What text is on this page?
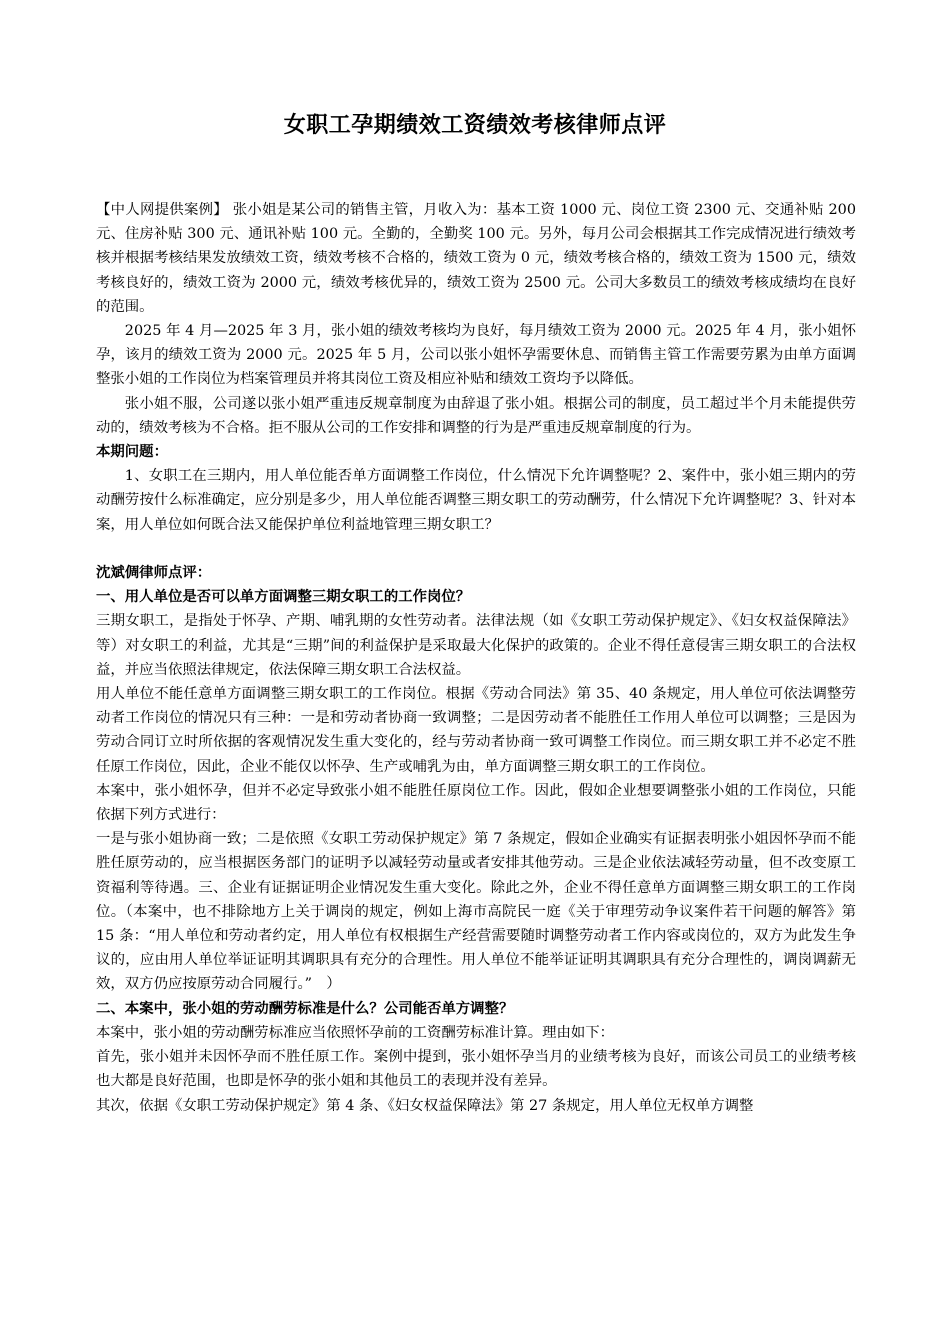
女职工孕期绩效工资绩效考核律师点评

【中人网提供案例】 张小姐是某公司的销售主管，月收入为：基本工资 1000 元、岗位工资 2300 元、交通补贴 200 元、住房补贴 300 元、通讯补贴 100 元。全勤的，全勤奖 100 元。另外，每月公司会根据其工作完成情况进行绩效考核并根据考核结果发放绩效工资，绩效考核不合格的，绩效工资为 0 元，绩效考核合格的，绩效工资为 1500 元，绩效考核良好的，绩效工资为 2000 元，绩效考核优异的，绩效工资为 2500 元。公司大多数员工的绩效考核成绩均在良好的范围。

2025 年 4 月—2025 年 3 月，张小姐的绩效考核均为良好，每月绩效工资为 2000 元。2025 年 4 月，张小姐怀孕，该月的绩效工资为 2000 元。2025 年 5 月，公司以张小姐怀孕需要休息、而销售主管工作需要劳累为由单方面调整张小姐的工作岗位为档案管理员并将其岗位工资及相应补贴和绩效工资均予以降低。

张小姐不服，公司遂以张小姐严重违反规章制度为由辞退了张小姐。根据公司的制度，员工超过半个月未能提供劳动的，绩效考核为不合格。拒不服从公司的工作安排和调整的行为是严重违反规章制度的行为。

本期问题：

1、女职工在三期内，用人单位能否单方面调整工作岗位，什么情况下允许调整呢？2、案件中，张小姐三期内的劳动酬劳按什么标准确定，应分别是多少，用人单位能否调整三期女职工的劳动酬劳，什么情况下允许调整呢？3、针对本案，用人单位如何既合法又能保护单位利益地管理三期女职工？

沈斌倜律师点评：

一、用人单位是否可以单方面调整三期女职工的工作岗位？

三期女职工，是指处于怀孕、产期、哺乳期的女性劳动者。法律法规（如《女职工劳动保护规定》、《妇女权益保障法》等）对女职工的利益，尤其是“三期”间的利益保护是采取最大化保护的政策的。企业不得任意侵害三期女职工的合法权益，并应当依照法律规定，依法保障三期女职工合法权益。

用人单位不能任意单方面调整三期女职工的工作岗位。根据《劳动合同法》第 35、40 条规定，用人单位可依法调整劳动者工作岗位的情况只有三种：一是和劳动者协商一致调整；二是因劳动者不能胜任工作用人单位可以调整；三是因为劳动合同订立时所依据的客观情况发生重大变化的，经与劳动者协商一致可调整工作岗位。而三期女职工并不必定不胜任原工作岗位，因此，企业不能仅以怀孕、生产或哺乳为由，单方面调整三期女职工的工作岗位。

本案中，张小姐怀孕，但并不必定导致张小姐不能胜任原岗位工作。因此，假如企业想要调整张小姐的工作岗位，只能依据下列方式进行：

一是与张小姐协商一致；二是依照《女职工劳动保护规定》第 7 条规定，假如企业确实有证据表明张小姐因怀孕而不能胜任原劳动的，应当根据医务部门的证明予以减轻劳动量或者安排其他劳动。三是企业依法减轻劳动量，但不改变原工资福利等待遇。三、企业有证据证明企业情况发生重大变化。除此之外，企业不得任意单方面调整三期女职工的工作岗位。（本案中，也不排除地方上关于调岗的规定，例如上海市高院民一庭《关于审理劳动争议案件若干问题的解答》第 15 条：“用人单位和劳动者约定，用人单位有权根据生产经营需要随时调整劳动者工作内容或岗位的，双方为此发生争议的，应由用人单位举证证明其调职具有充分的合理性。用人单位不能举证证明其调职具有充分合理性的，调岗调薪无效，双方仍应按原劳动合同履行。”　）

二、本案中，张小姐的劳动酬劳标准是什么？公司能否单方调整？

本案中，张小姐的劳动酬劳标准应当依照怀孕前的工资酬劳标准计算。理由如下：

首先，张小姐并未因怀孕而不胜任原工作。案例中提到，张小姐怀孕当月的业绩考核为良好，而该公司员工的业绩考核也大都是良好范围，也即是怀孕的张小姐和其他员工的表现并没有差异。

其次，依据《女职工劳动保护规定》第 4 条、《妇女权益保障法》第 27 条规定，用人单位无权单方调整
